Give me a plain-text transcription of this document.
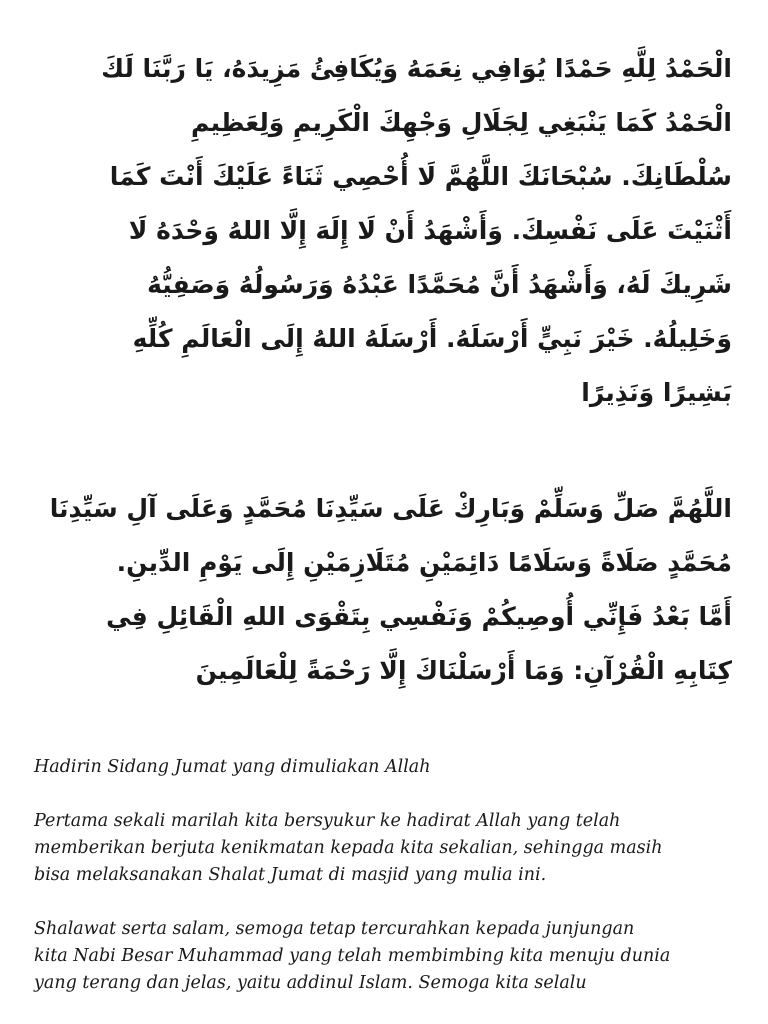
الْحَمْدُ لِلَّهِ حَمْدًا يُوَافِي نِعَمَهُ وَيُكَافِئُ مَزِيدَهُ، يَا رَبَّنَا لَكَ
الْحَمْدُ كَمَا يَنْبَغِي لِجَلَالِ وَجْهِكَ الْكَرِيمِ وَلِعَظِيمِ
سُلْطَانِكَ. سُبْحَانَكَ اللَّهُمَّ لَا أُحْصِي ثَنَاءً عَلَيْكَ أَنْتَ كَمَا
أَثْنَيْتَ عَلَى نَفْسِكَ. وَأَشْهَدُ أَنْ لَا إِلَهَ إِلَّا اللهُ وَحْدَهُ لَا
شَرِيكَ لَهُ، وَأَشْهَدُ أَنَّ مُحَمَّدًا عَبْدُهُ وَرَسُولُهُ وَصَفِيُّهُ
وَخَلِيلُهُ. خَيْرَ نَبِيٍّ أَرْسَلَهُ. أَرْسَلَهُ اللهُ إِلَى الْعَالَمِ كُلِّهِ
بَشِيرًا وَنَذِيرًا
اللَّهُمَّ صَلِّ وَسَلِّمْ وَبَارِكْ عَلَى سَيِّدِنَا مُحَمَّدٍ وَعَلَى آلِ سَيِّدِنَا
مُحَمَّدٍ صَلَاةً وَسَلَامًا دَائِمَيْنِ مُتَلَازِمَيْنِ إِلَى يَوْمِ الدِّينِ.
أَمَّا بَعْدُ فَإِنِّي أُوصِيكُمْ وَنَفْسِي بِتَقْوَى اللهِ الْقَائِلِ فِي
كِتَابِهِ الْقُرْآنِ: وَمَا أَرْسَلْنَاكَ إِلَّا رَحْمَةً لِلْعَالَمِينَ
Hadirin Sidang Jumat yang dimuliakan Allah
Pertama sekali marilah kita bersyukur ke hadirat Allah yang telah
memberikan berjuta kenikmatan kepada kita sekalian, sehingga masih
bisa melaksanakan Shalat Jumat di masjid yang mulia ini.
Shalawat serta salam, semoga tetap tercurahkan kepada junjungan
kita Nabi Besar Muhammad yang telah membimbing kita menuju dunia
yang terang dan jelas, yaitu addinul Islam. Semoga kita selalu
